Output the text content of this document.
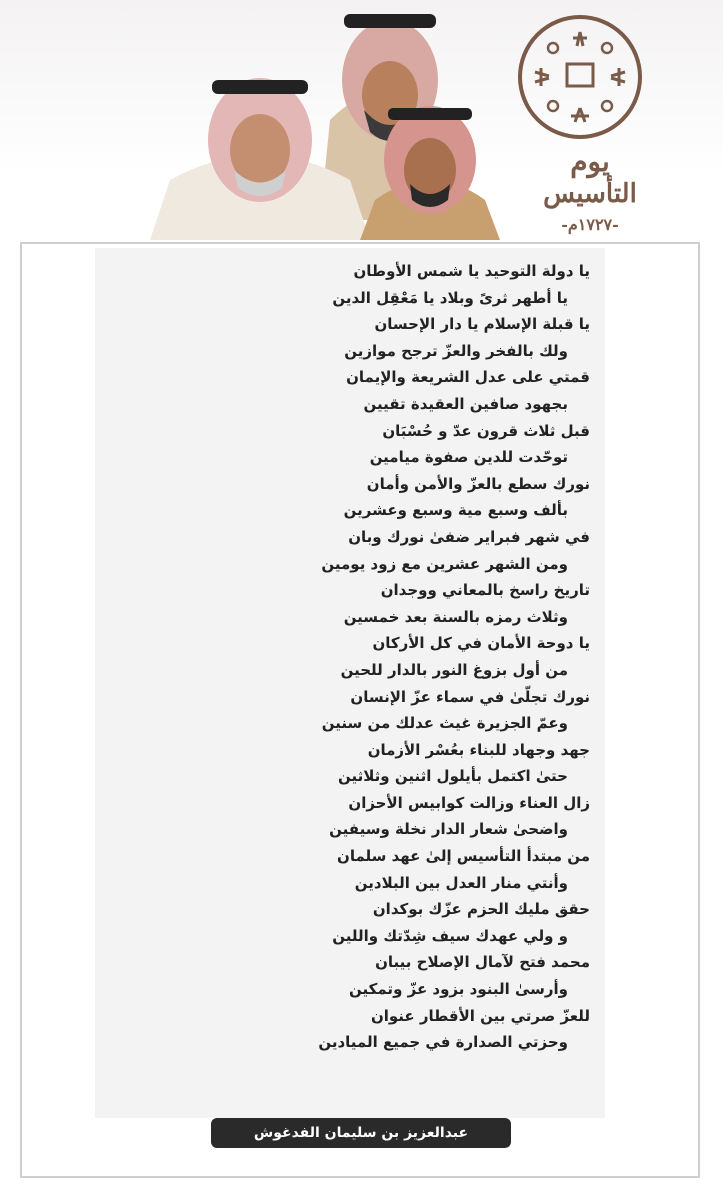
يوم
التأسيس
-١٧٢٧م-
يا دولة التوحيد يا شمس الأوطان
يا أطهر ثرىً وبلاد يا مَعْقِل الدين
يا قبلة الإسلام يا دار الإحسان
ولك بالفخر والعزّ ترجح موازين
قمتي على عدل الشريعة والإيمان
بجهود صافين العقيدة تقيين
قبل ثلاث قرون عدّ و حُسْبَان
توحّدت للدين صفوة ميامين
نورك سطع بالعزّ والأمن وأمان
بألف وسبع مية وسبع وعشرين
في شهر فبراير ضفىٰ نورك وبان
ومن الشهر عشرين مع زود يومين
تاريخ راسخ بالمعاني ووجدان
وثلاث رمزه بالسنة بعد خمسين
يا دوحة الأمان في كل الأركان
من أول بزوغ النور بالدار للحين
نورك تجلّىٰ في سماء عزّ الإنسان
وعمّ الجزيرة غيث عدلك من سنين
جهد وجهاد للبناء بعُسْر الأزمان
حتىٰ اكتمل بأيلول اثنين وثلاثين
زال العناء وزالت كوابيس الأحزان
واضحىٰ شعار الدار نخلة وسيفين
من مبتدأ التأسيس إلىٰ عهد سلمان
وأنتي منار العدل بين البلادين
حقق مليك الحزم عزّك بوكدان
و ولي عهدك سيف شِدّتك واللين
محمد فتح لآمال الإصلاح بيبان
وأرسىٰ البنود بزود عزّ وتمكين
للعزّ صرتي بين الأقطار عنوان
وحزتي الصدارة في جميع الميادين
عبدالعزيز بن سليمان الفدغوش
